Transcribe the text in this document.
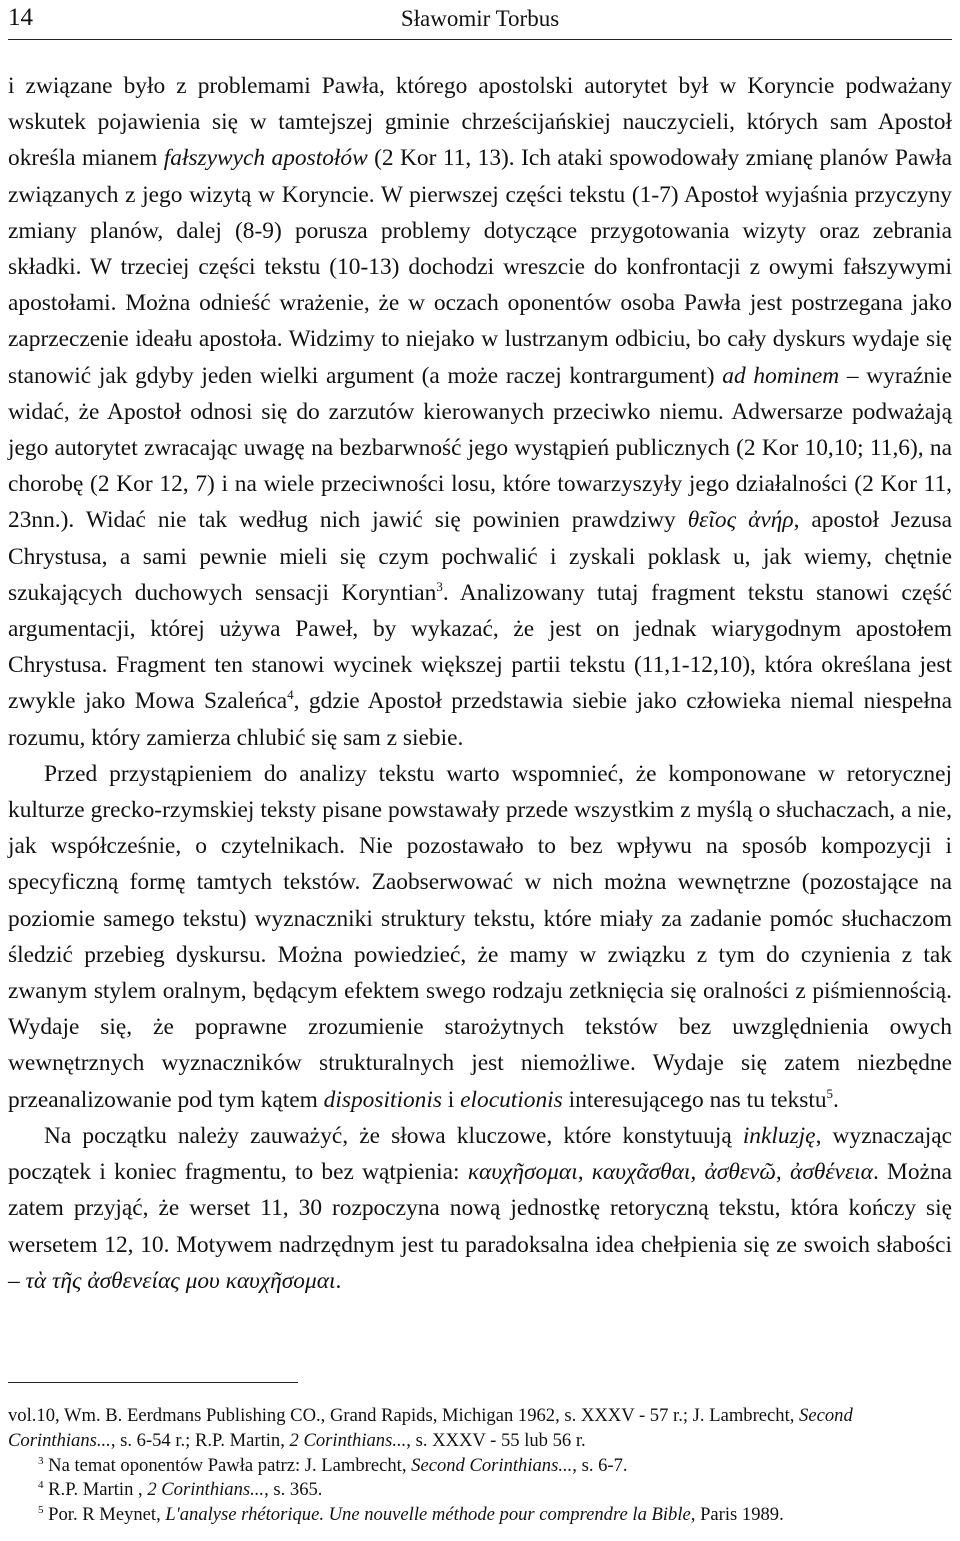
14	Sławomir Torbus

i związane było z problemami Pawła, którego apostolski autorytet był w Koryncie podważany wskutek pojawienia się w tamtejszej gminie chrześcijańskiej nauczycieli, których sam Apostoł określa mianem fałszywych apostołów (2 Kor 11, 13). Ich ataki spowodowały zmianę planów Pawła związanych z jego wizytą w Koryncie. W pierwszej części tekstu (1-7) Apostoł wyjaśnia przyczyny zmiany planów, dalej (8-9) porusza problemy dotyczące przygotowania wizyty oraz zebrania składki. W trzeciej części tekstu (10-13) dochodzi wreszcie do konfrontacji z owymi fałszywymi apostołami. Można odnieść wrażenie, że w oczach oponentów osoba Pawła jest postrzegana jako zaprzeczenie ideału apostoła. Widzimy to niejako w lustrzanym odbiciu, bo cały dyskurs wydaje się stanowić jak gdyby jeden wielki argument (a może raczej kontrargument) ad hominem – wyraźnie widać, że Apostoł odnosi się do zarzutów kierowanych przeciwko niemu. Adwersarze podważają jego autorytet zwracając uwagę na bezbarwność jego wystąpień publicznych (2 Kor 10,10; 11,6), na chorobę (2 Kor 12, 7) i na wiele przeciwności losu, które towarzyszyły jego działalności (2 Kor 11, 23nn.). Widać nie tak według nich jawić się powinien prawdziwy θεῖος ἀνήρ, apostoł Jezusa Chrystusa, a sami pewnie mieli się czym pochwalić i zyskali poklask u, jak wiemy, chętnie szukających duchowych sensacji Koryntian$^3$. Analizowany tutaj fragment tekstu stanowi część argumentacji, której używa Paweł, by wykazać, że jest on jednak wiarygodnym apostołem Chrystusa. Fragment ten stanowi wycinek większej partii tekstu (11,1-12,10), która określana jest zwykle jako Mowa Szaleńca$^4$, gdzie Apostoł przedstawia siebie jako człowieka niemal niespełna rozumu, który zamierza chlubić się sam z siebie.

Przed przystąpieniem do analizy tekstu warto wspomnieć, że komponowane w retorycznej kulturze grecko-rzymskiej teksty pisane powstawały przede wszystkim z myślą o słuchaczach, a nie, jak współcześnie, o czytelnikach. Nie pozostawało to bez wpływu na sposób kompozycji i specyficzną formę tamtych tekstów. Zaobserwować w nich można wewnętrzne (pozostające na poziomie samego tekstu) wyznaczniki struktury tekstu, które miały za zadanie pomóc słuchaczom śledzić przebieg dyskursu. Można powiedzieć, że mamy w związku z tym do czynienia z tak zwanym stylem oralnym, będącym efektem swego rodzaju zetknięcia się oralności z piśmiennością. Wydaje się, że poprawne zrozumienie starożytnych tekstów bez uwzględnienia owych wewnętrznych wyznaczników strukturalnych jest niemożliwe. Wydaje się zatem niezbędne przeanalizowanie pod tym kątem dispositionis i elocutionis interesującego nas tu tekstu$^5$.

Na początku należy zauważyć, że słowa kluczowe, które konstytuują inkluzję, wyznaczając początek i koniec fragmentu, to bez wątpienia: καυχῆσομαι, καυχᾶσθαι, ἀσθενῶ, ἀσθένεια. Można zatem przyjąć, że werset 11, 30 rozpoczyna nową jednostkę retoryczną tekstu, która kończy się wersetem 12, 10. Motywem nadrzędnym jest tu paradoksalna idea chełpienia się ze swoich słabości – τὰ τῆς ἀσθενείας μου καυχῆσομαι.

vol.10, Wm. B. Eerdmans Publishing CO., Grand Rapids, Michigan 1962, s. XXXV - 57 r.; J. Lambrecht, Second Corinthians..., s. 6-54 r.; R.P. Martin, 2 Corinthians..., s. XXXV - 55 lub 56 r.

$^3$ Na temat oponentów Pawła patrz: J. Lambrecht, Second Corinthians..., s. 6-7.

$^4$ R.P. Martin , 2 Corinthians..., s. 365.

$^5$ Por. R Meynet, L'analyse rhétorique. Une nouvelle méthode pour comprendre la Bible, Paris 1989.
